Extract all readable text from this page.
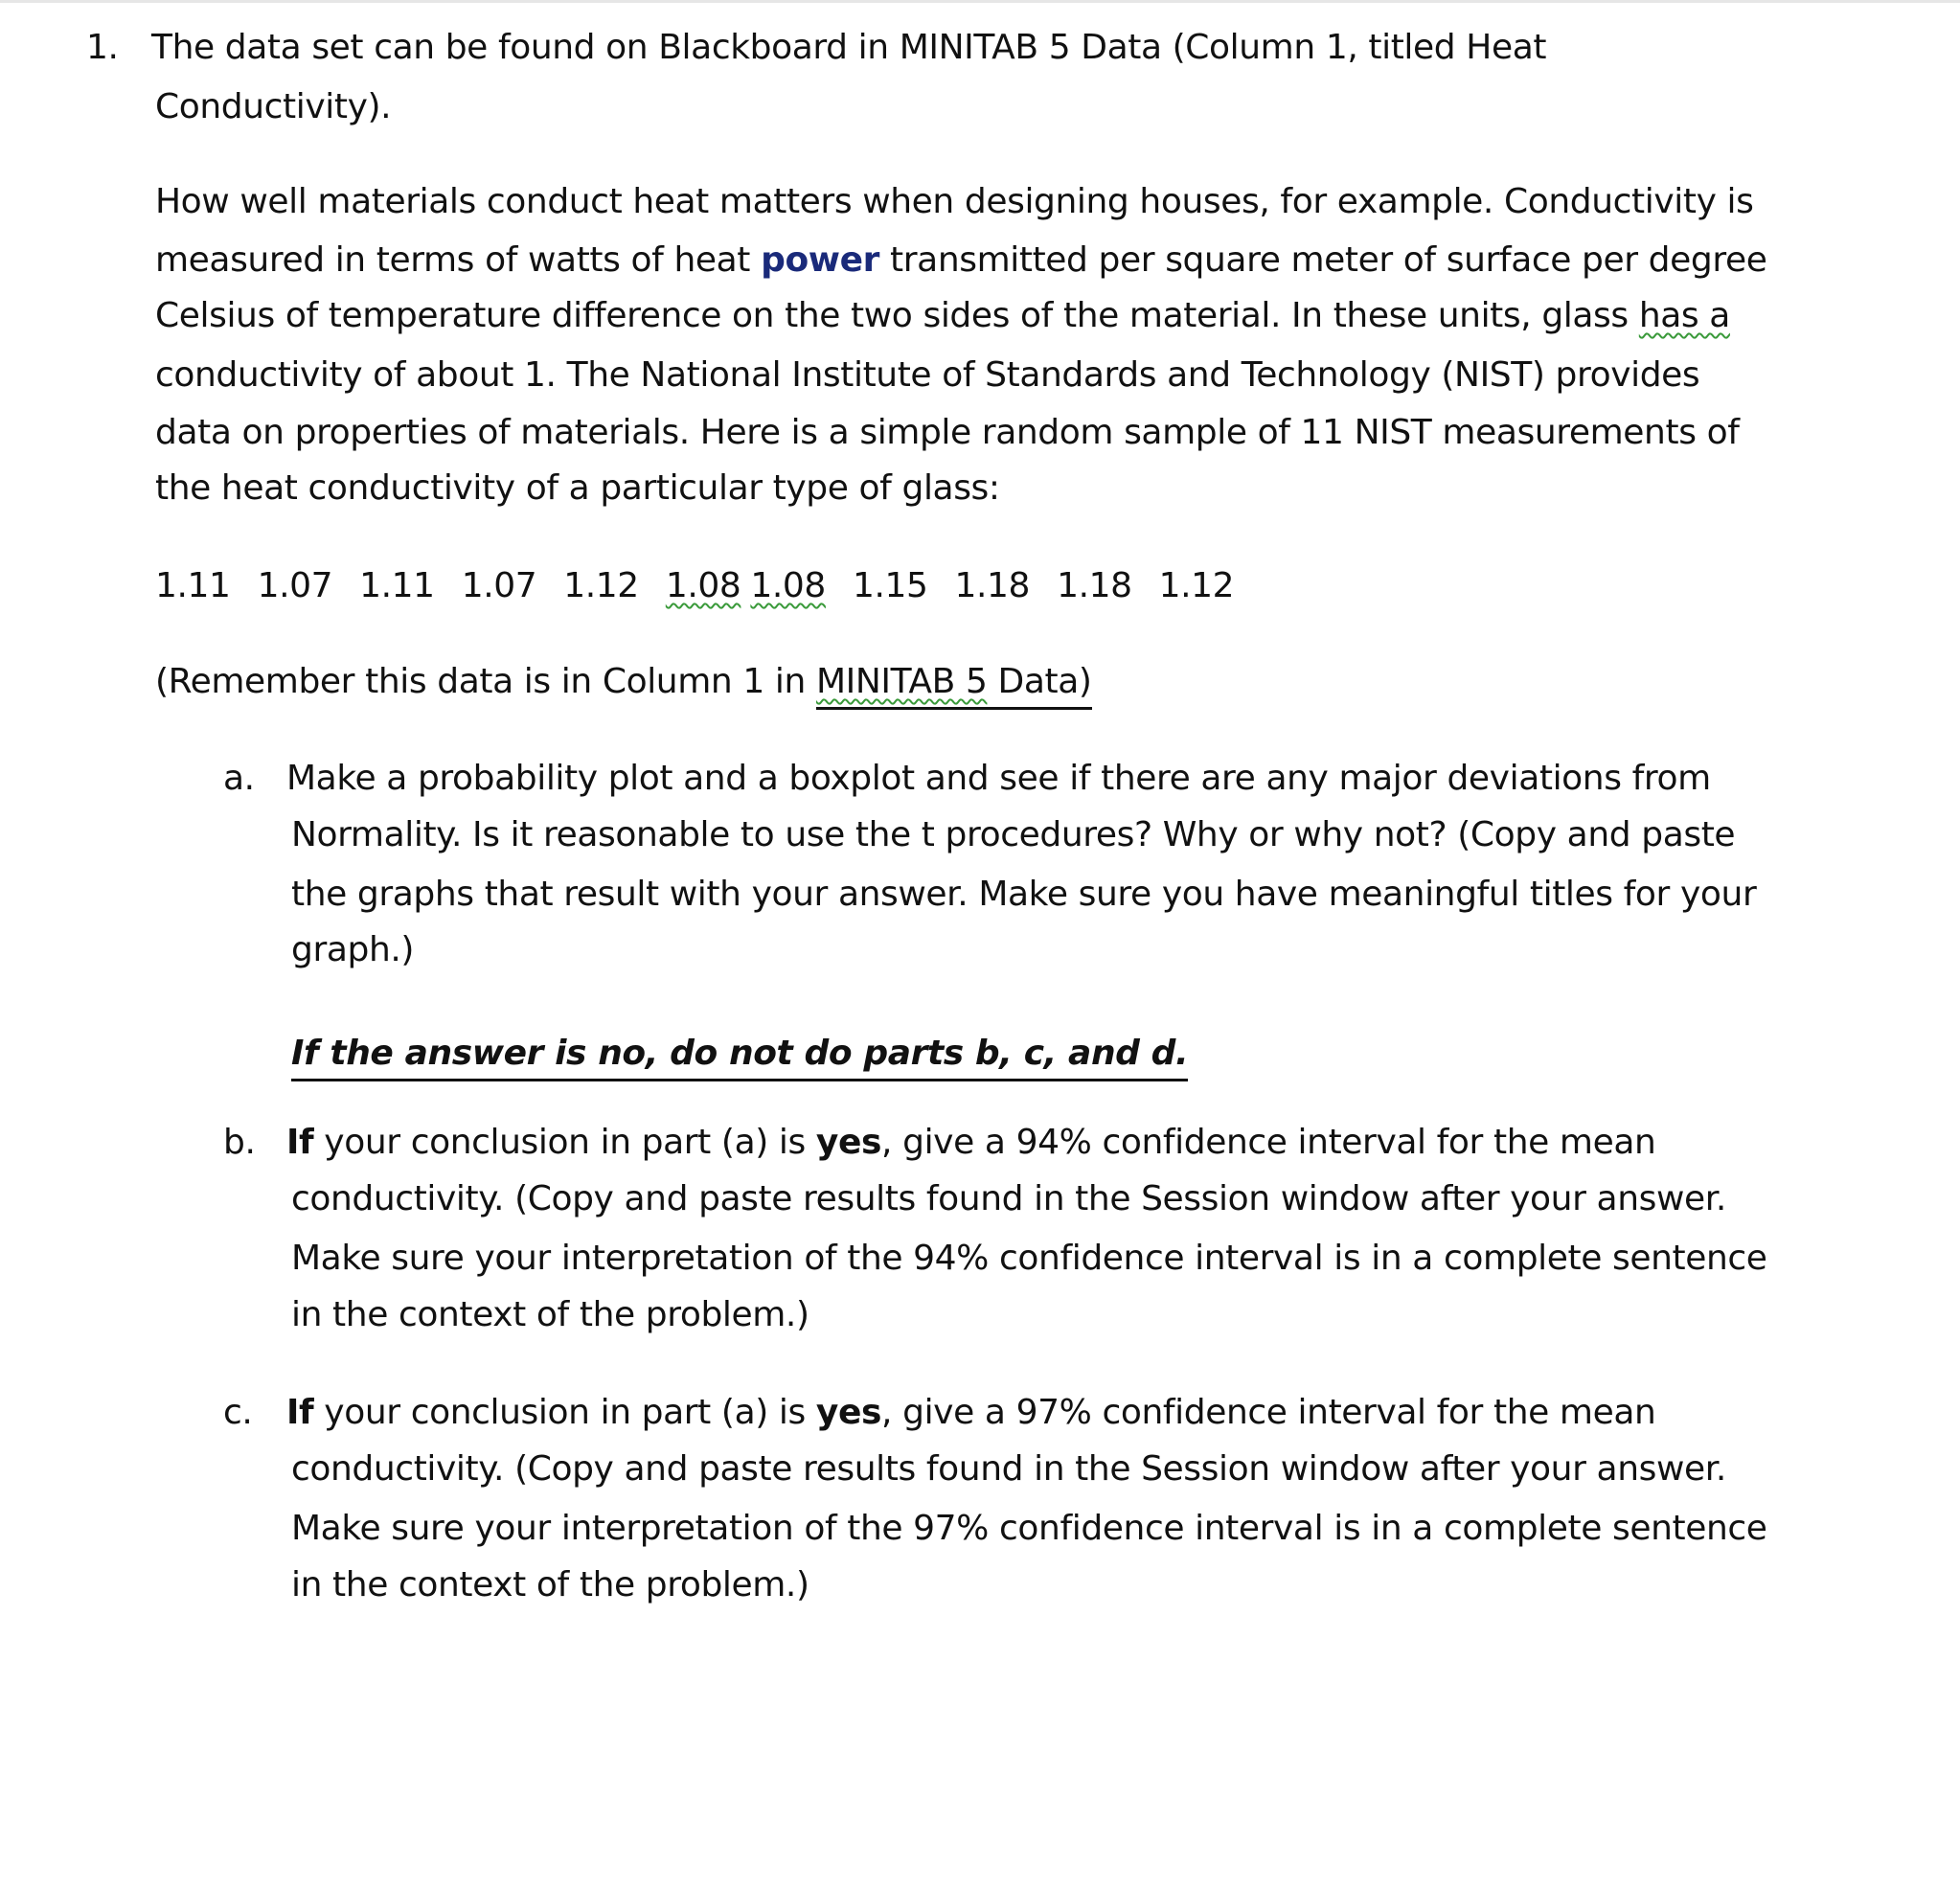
1. The data set can be found on Blackboard in MINITAB 5 Data (Column 1, titled Heat
Conductivity).
How well materials conduct heat matters when designing houses, for example. Conductivity is
measured in terms of watts of heat power transmitted per square meter of surface per degree
Celsius of temperature difference on the two sides of the material. In these units, glass has a
conductivity of about 1. The National Institute of Standards and Technology (NIST) provides
data on properties of materials. Here is a simple random sample of 11 NIST measurements of
the heat conductivity of a particular type of glass:
1.11 1.07 1.11 1.07 1.12 1.08 1.08 1.15 1.18 1.18 1.12
(Remember this data is in Column 1 in MINITAB 5 Data)
a. Make a probability plot and a boxplot and see if there are any major deviations from
Normality. Is it reasonable to use the t procedures? Why or why not? (Copy and paste
the graphs that result with your answer. Make sure you have meaningful titles for your
graph.)
If the answer is no, do not do parts b, c, and d.
b. If your conclusion in part (a) is yes, give a 94% confidence interval for the mean
conductivity. (Copy and paste results found in the Session window after your answer.
Make sure your interpretation of the 94% confidence interval is in a complete sentence
in the context of the problem.)
c. If your conclusion in part (a) is yes, give a 97% confidence interval for the mean
conductivity. (Copy and paste results found in the Session window after your answer.
Make sure your interpretation of the 97% confidence interval is in a complete sentence
in the context of the problem.)
